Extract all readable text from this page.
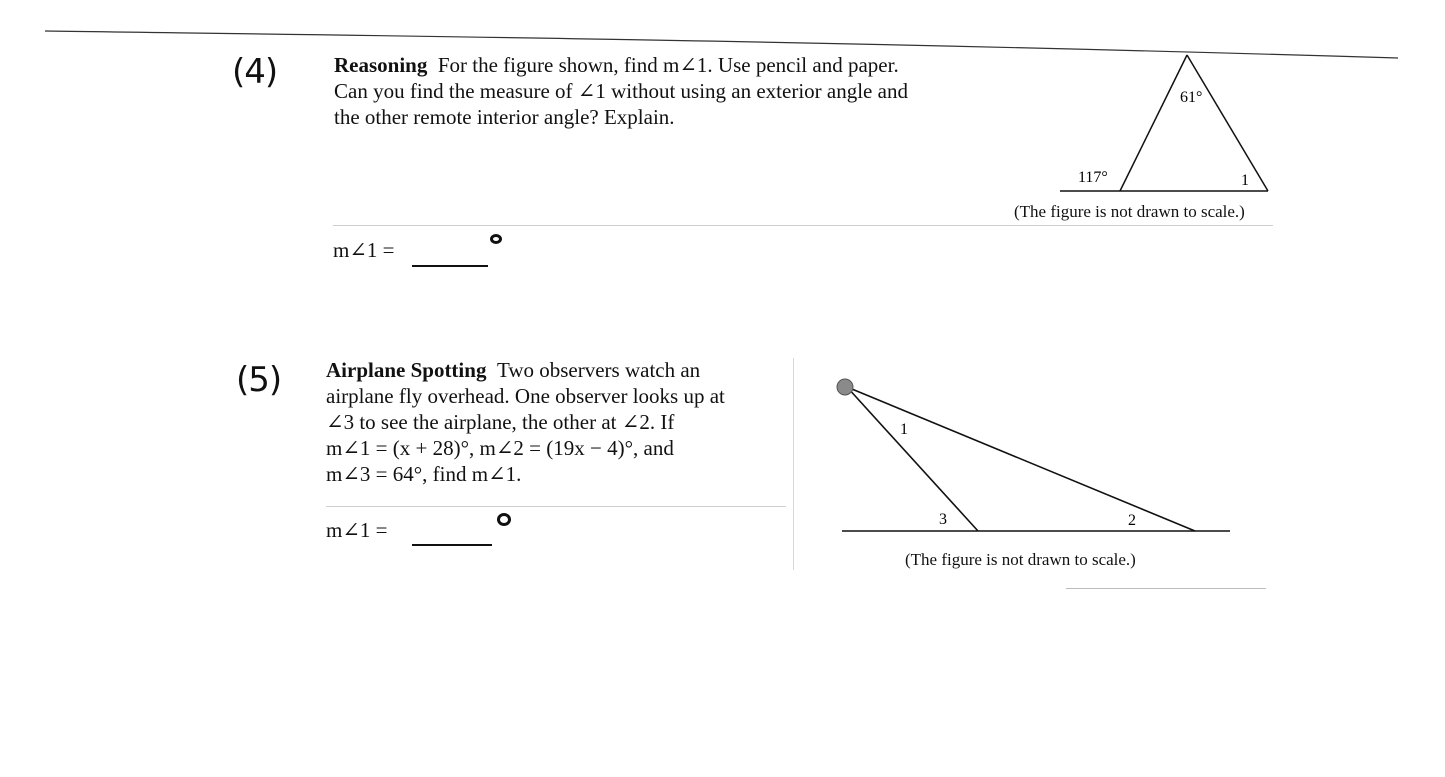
(4)	Reasoning For the figure shown, find m∠1. Use pencil and paper.
Can you find the measure of ∠1 without using an exterior angle and
the other remote interior angle? Explain.
61°
117°	1
(The figure is not drawn to scale.)
m∠1 =
(5) Airplane Spotting Two observers watch an
airplane fly overhead. One observer looks up at
∠3 to see the airplane, the other at ∠2. If
m∠1 = (x + 28)°, m∠2 = (19x − 4)°, and
m∠3 = 64°, find m∠1.
m∠1 =
1
3	2
(The figure is not drawn to scale.)
